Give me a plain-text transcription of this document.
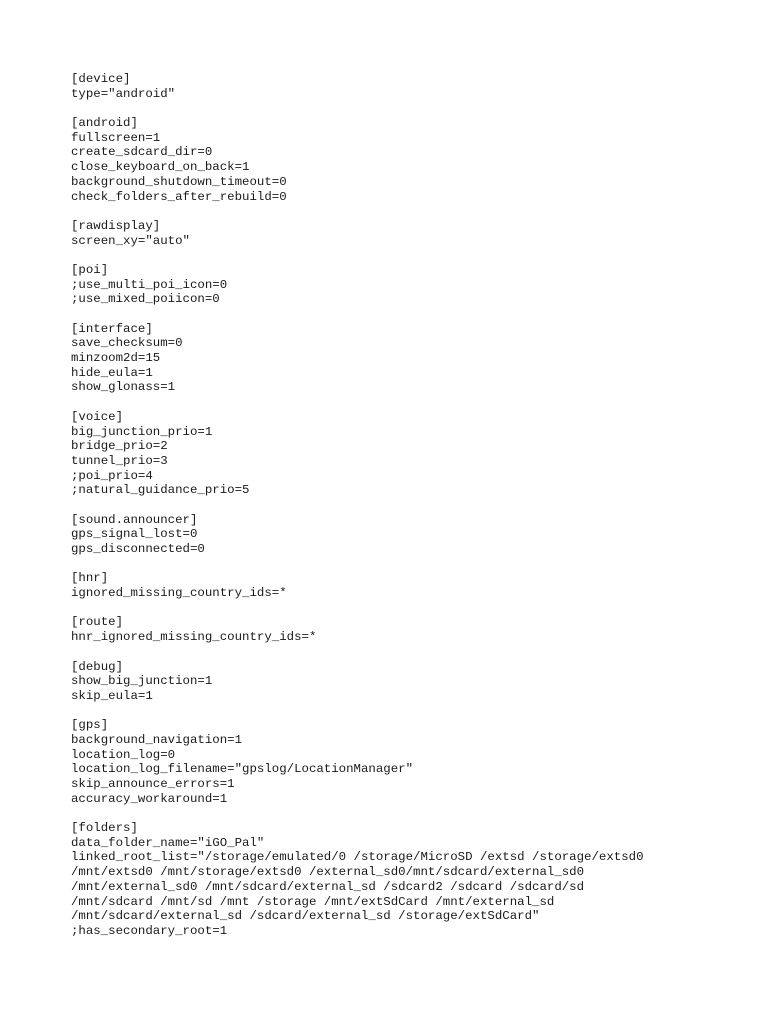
[device]
type="android"
[android]
fullscreen=1
create_sdcard_dir=0
close_keyboard_on_back=1
background_shutdown_timeout=0
check_folders_after_rebuild=0
[rawdisplay]
screen_xy="auto"
[poi]
;use_multi_poi_icon=0
;use_mixed_poiicon=0
[interface]
save_checksum=0
minzoom2d=15
hide_eula=1
show_glonass=1
[voice]
big_junction_prio=1
bridge_prio=2
tunnel_prio=3
;poi_prio=4
;natural_guidance_prio=5
[sound.announcer]
gps_signal_lost=0
gps_disconnected=0
[hnr]
ignored_missing_country_ids=*
[route]
hnr_ignored_missing_country_ids=*
[debug]
show_big_junction=1
skip_eula=1
[gps]
background_navigation=1
location_log=0
location_log_filename="gpslog/LocationManager"
skip_announce_errors=1
accuracy_workaround=1
[folders]
data_folder_name="iGO_Pal"
linked_root_list="/storage/emulated/0 /storage/MicroSD /extsd /storage/extsd0
/mnt/extsd0 /mnt/storage/extsd0 /external_sd0/mnt/sdcard/external_sd0
/mnt/external_sd0 /mnt/sdcard/external_sd /sdcard2 /sdcard /sdcard/sd
/mnt/sdcard /mnt/sd /mnt /storage /mnt/extSdCard /mnt/external_sd
/mnt/sdcard/external_sd /sdcard/external_sd /storage/extSdCard"
;has_secondary_root=1
